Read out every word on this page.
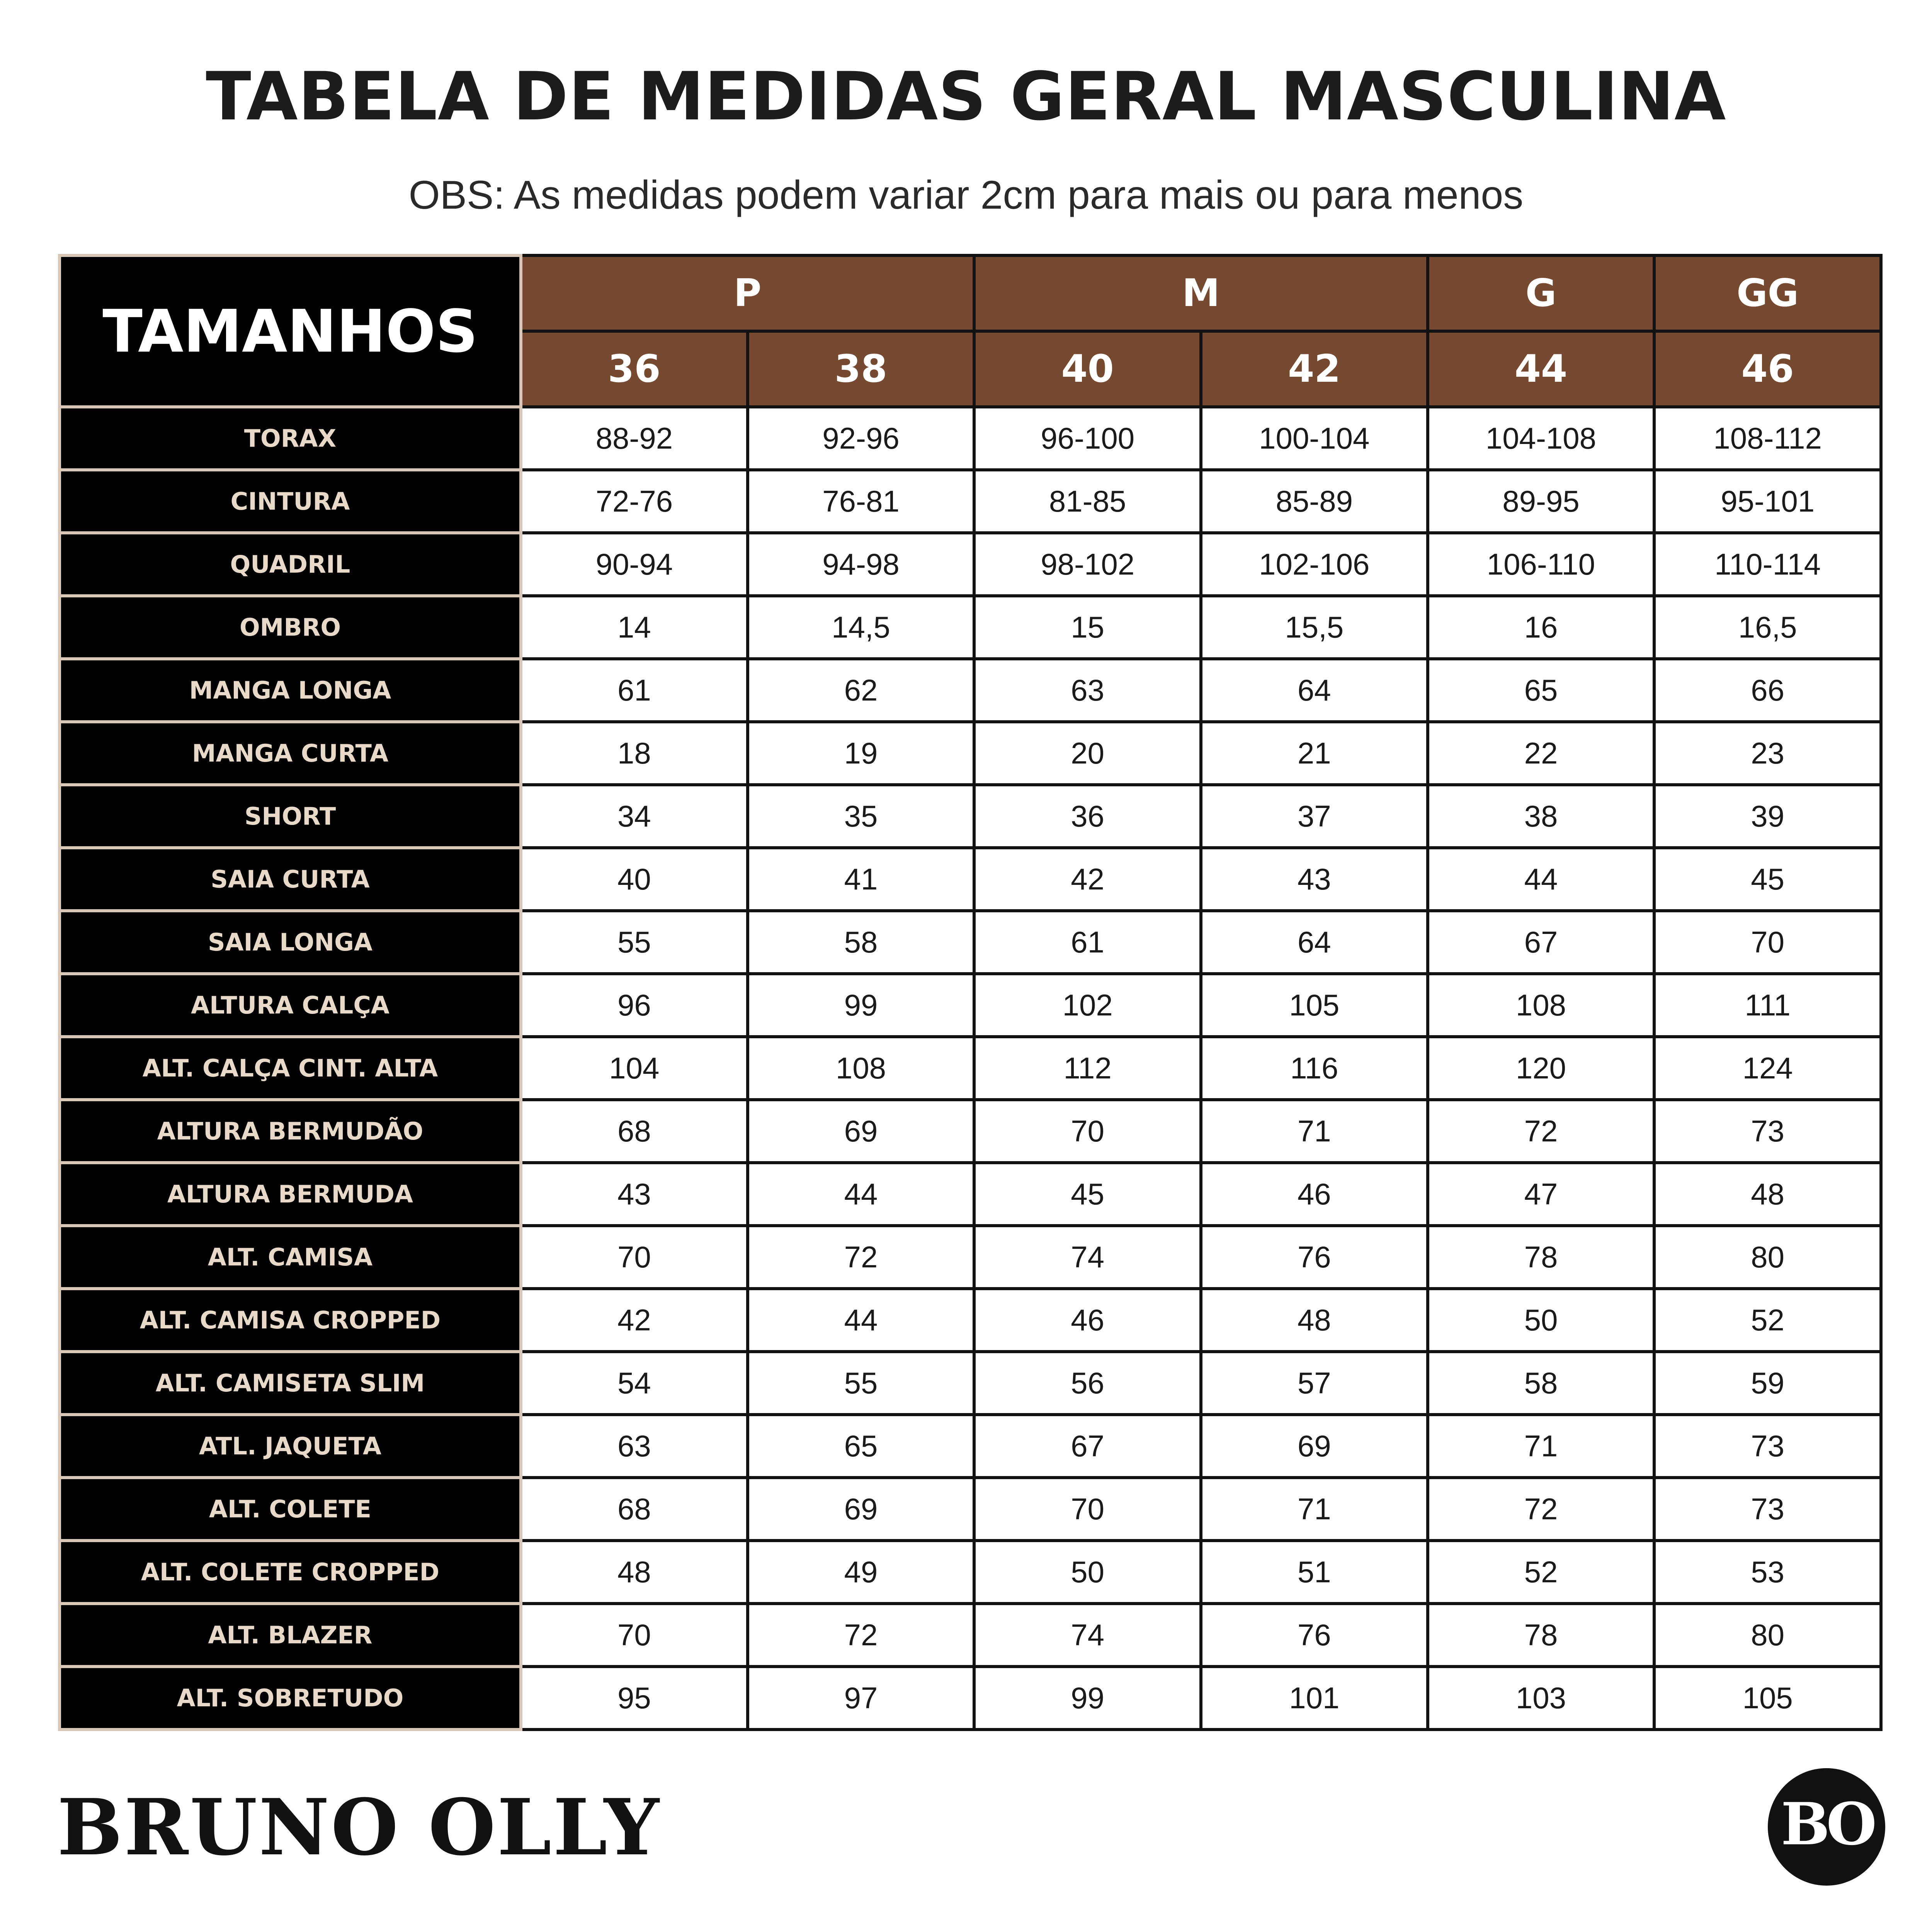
TABELA DE MEDIDAS GERAL MASCULINA
OBS: As medidas podem variar 2cm para mais ou para menos
TAMANHOS	P		M		G	GG
	36	38	40	42	44	46
TORAX	88-92	92-96	96-100	100-104	104-108	108-112
CINTURA	72-76	76-81	81-85	85-89	89-95	95-101
QUADRIL	90-94	94-98	98-102	102-106	106-110	110-114
OMBRO	14	14,5	15	15,5	16	16,5
MANGA LONGA	61	62	63	64	65	66
MANGA CURTA	18	19	20	21	22	23
SHORT	34	35	36	37	38	39
SAIA CURTA	40	41	42	43	44	45
SAIA LONGA	55	58	61	64	67	70
ALTURA CALÇA	96	99	102	105	108	111
ALT. CALÇA CINT. ALTA	104	108	112	116	120	124
ALTURA BERMUDÃO	68	69	70	71	72	73
ALTURA BERMUDA	43	44	45	46	47	48
ALT. CAMISA	70	72	74	76	78	80
ALT. CAMISA CROPPED	42	44	46	48	50	52
ALT. CAMISETA SLIM	54	55	56	57	58	59
ATL. JAQUETA	63	65	67	69	71	73
ALT. COLETE	68	69	70	71	72	73
ALT. COLETE CROPPED	48	49	50	51	52	53
ALT. BLAZER	70	72	74	76	78	80
ALT. SOBRETUDO	95	97	99	101	103	105
BRUNO OLLY	BO
